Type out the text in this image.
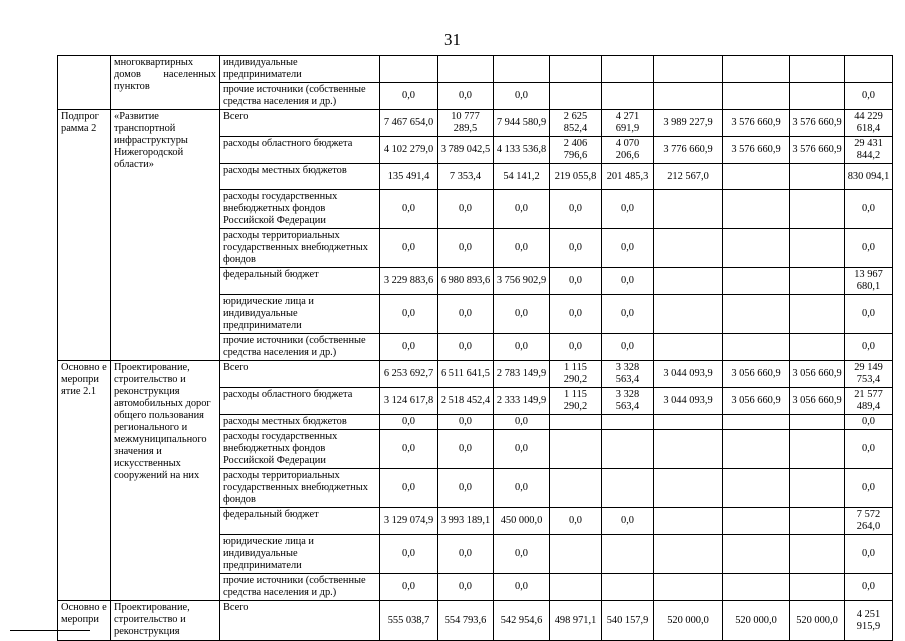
31
	многоквартирных домов населенных пунктов	индивидуальные предприниматели									
		прочие источники (собственные средства населения и др.)	0,0	0,0	0,0						0,0
Подпрог рамма 2	«Развитие транспортной инфраструктуры Нижегородской области»	Всего	7 467 654,0	10 777 289,5	7 944 580,9	2 625 852,4	4 271 691,9	3 989 227,9	3 576 660,9	3 576 660,9	44 229 618,4
		расходы областного бюджета	4 102 279,0	3 789 042,5	4 133 536,8	2 406 796,6	4 070 206,6	3 776 660,9	3 576 660,9	3 576 660,9	29 431 844,2
		расходы местных бюджетов	135 491,4	7 353,4	54 141,2	219 055,8	201 485,3	212 567,0			830 094,1
		расходы государственных внебюджетных фондов Российской Федерации	0,0	0,0	0,0	0,0	0,0				0,0
		расходы территориальных государственных внебюджетных фондов	0,0	0,0	0,0	0,0	0,0				0,0
		федеральный бюджет	3 229 883,6	6 980 893,6	3 756 902,9	0,0	0,0				13 967 680,1
		юридические лица и индивидуальные предприниматели	0,0	0,0	0,0	0,0	0,0				0,0
		прочие источники (собственные средства населения и др.)	0,0	0,0	0,0	0,0	0,0				0,0
Основно е меропри ятие 2.1	Проектирование, строительство и реконструкция автомобильных дорог общего пользования регионального и межмуниципального значения и искусственных сооружений на них	Всего	6 253 692,7	6 511 641,5	2 783 149,9	1 115 290,2	3 328 563,4	3 044 093,9	3 056 660,9	3 056 660,9	29 149 753,4
		расходы областного бюджета	3 124 617,8	2 518 452,4	2 333 149,9	1 115 290,2	3 328 563,4	3 044 093,9	3 056 660,9	3 056 660,9	21 577 489,4
		расходы местных бюджетов	0,0	0,0	0,0						0,0
		расходы государственных внебюджетных фондов Российской Федерации	0,0	0,0	0,0						0,0
		расходы территориальных государственных внебюджетных фондов	0,0	0,0	0,0						0,0
		федеральный бюджет	3 129 074,9	3 993 189,1	450 000,0	0,0	0,0				7 572 264,0
		юридические лица и индивидуальные предприниматели	0,0	0,0	0,0						0,0
		прочие источники (собственные средства населения и др.)	0,0	0,0	0,0						0,0
Основно е меропри	Проектирование, строительство и реконструкция	Всего	555 038,7	554 793,6	542 954,6	498 971,1	540 157,9	520 000,0	520 000,0	520 000,0	4 251 915,9
